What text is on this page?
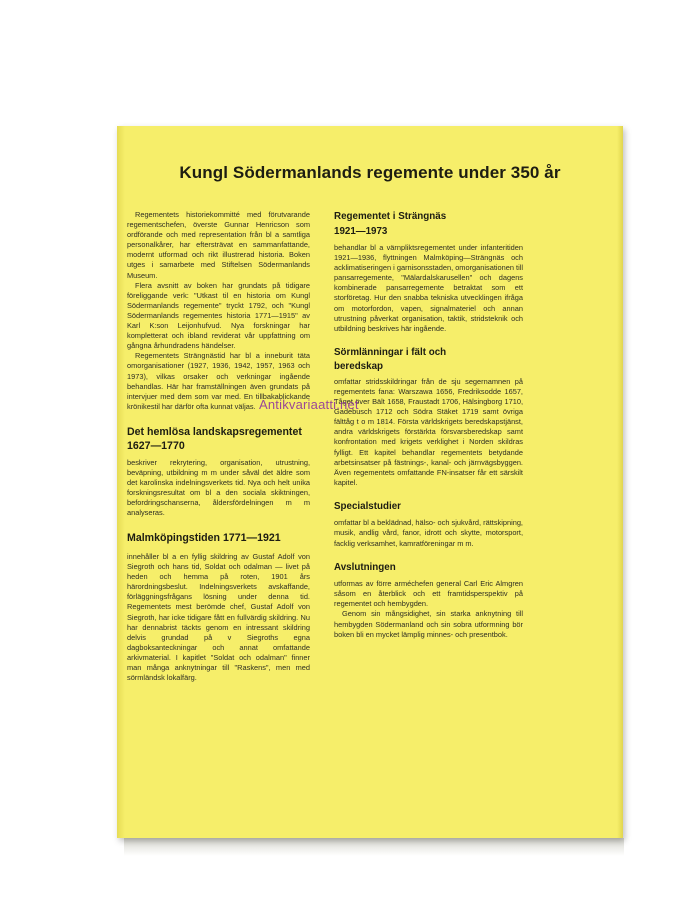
Kungl Södermanlands regemente under 350 år

Regementets historiekommitté med förutvarande regementschefen, överste Gunnar Henricson som ordförande och med representation från bl a samtliga personalkårer, har eftersträvat en sammanfattande, modernt utformad och rikt illustrerad historia. Boken utges i samarbete med Stiftelsen Södermanlands Museum.

Flera avsnitt av boken har grundats på tidigare föreliggande verk: "Utkast til en historia om Kungl Södermanlands regemente" tryckt 1792, och "Kungl Södermanlands regementes historia 1771—1915" av Karl K:son Leijonhufvud. Nya forskningar har kompletterat och ibland reviderat vår uppfattning om gångna århundradens händelser.

Regementets Strängnästid har bl a inneburit täta omorganisationer (1927, 1936, 1942, 1957, 1963 och 1973), vilkas orsaker och verkningar ingående behandlas. Här har framställningen även grundats på intervjuer med dem som var med. En tillbakablickande krönikestil har därför ofta kunnat väljas.

Det hemlösa landskapsregementet

1627—1770

beskriver rekrytering, organisation, utrustning, beväpning, utbildning m m under såväl det äldre som det karolinska indelningsverkets tid. Nya och helt unika forskningsresultat om bl a den sociala skiktningen, befordringschanserna, åldersfördelningen m m analyseras.

Malmköpingstiden 1771—1921

innehåller bl a en fyllig skildring av Gustaf Adolf von Siegroth och hans tid, Soldat och odalman — livet på heden och hemma på roten, 1901 års härordningsbeslut. Indelningsverkets avskaffande, förläggningsfrågans lösning under denna tid. Regementets mest berömde chef, Gustaf Adolf von Siegroth, har icke tidigare fått en fullvärdig skildring. Nu har dennabrist täckts genom en intressant skildring delvis grundad på v Siegroths egna dagboksanteckningar och annat omfattande arkivmaterial. I kapitlet "Soldat och odalman" finner man många anknytningar till "Raskens", men med sörmländsk lokalfärg.

Regementet i Strängnäs

1921—1973

behandlar bl a värnpliktsregementet under infanteritiden 1921—1936, flyttningen Malmköping—Strängnäs och acklimatiseringen i garnisonsstaden, omorganisationen till pansarregemente, "Mälardalskarusellen" och dagens kombinerade pansarregemente betraktat som ett storföretag. Hur den snabba tekniska utvecklingen ifråga om motorfordon, vapen, signalmateriel och annan utrustning påverkat organisation, taktik, stridsteknik och utbildning beskrives här ingående.

Sörmlänningar i fält och

beredskap

omfattar stridsskildringar från de sju segernamnen på regementets fana: Warszawa 1656, Fredriksodde 1657, Tåget över Bält 1658, Fraustadt 1706, Hälsingborg 1710, Gadebusch 1712 och Södra Stäket 1719 samt övriga fälttåg t o m 1814. Första världskrigets beredskapstjänst, andra världskrigets förstärkta försvarsberedskap samt konfrontation med krigets verklighet i Norden skildras fylligt. Ett kapitel behandlar regementets betydande arbetsinsatser på fästnings-, kanal- och järnvägsbyggen. Även regementets omfattande FN-insatser får ett särskilt kapitel.

Specialstudier

omfattar bl a beklädnad, hälso- och sjukvård, rättskipning, musik, andlig vård, fanor, idrott och skytte, motorsport, facklig verksamhet, kamratföreningar m m.

Avslutningen

utformas av förre arméchefen general Carl Eric Almgren såsom en återblick och ett framtidsperspektiv på regementet och hembygden.

Genom sin mångsidighet, sin starka anknytning till hembygden Södermanland och sin sobra utformning bör boken bli en mycket lämplig minnes- och presentbok.

Antikvariaatti.net
